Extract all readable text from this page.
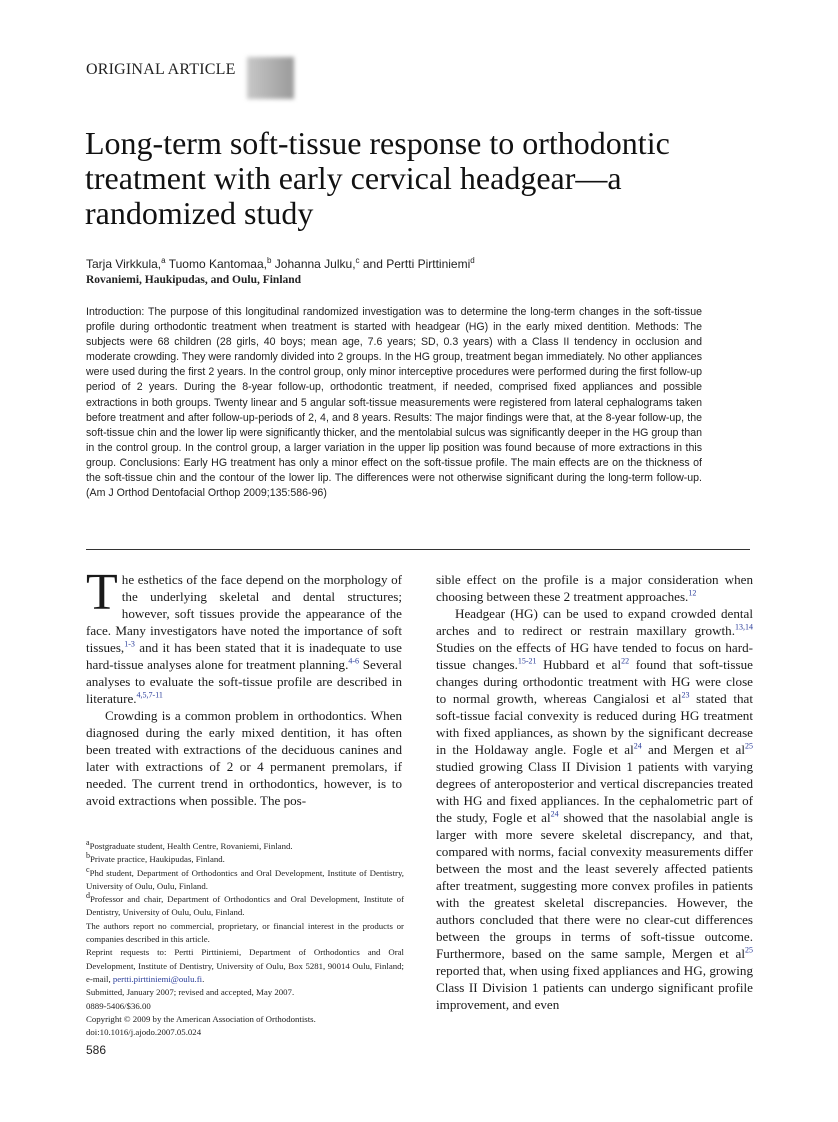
ORIGINAL ARTICLE
Long-term soft-tissue response to orthodontic treatment with early cervical headgear—a randomized study
Tarja Virkkula,$^a$ Tuomo Kantomaa,$^b$ Johanna Julku,$^c$ and Pertti Pirttiniemi$^d$
Rovaniemi, Haukipudas, and Oulu, Finland

Introduction: The purpose of this longitudinal randomized investigation was to determine the long-term changes in the soft-tissue profile during orthodontic treatment when treatment is started with headgear (HG) in the early mixed dentition. Methods: The subjects were 68 children (28 girls, 40 boys; mean age, 7.6 years; SD, 0.3 years) with a Class II tendency in occlusion and moderate crowding. They were randomly divided into 2 groups. In the HG group, treatment began immediately. No other appliances were used during the first 2 years. In the control group, only minor interceptive procedures were performed during the first follow-up period of 2 years. During the 8-year follow-up, orthodontic treatment, if needed, comprised fixed appliances and possible extractions in both groups. Twenty linear and 5 angular soft-tissue measurements were registered from lateral cephalograms taken before treatment and after follow-up-periods of 2, 4, and 8 years. Results: The major findings were that, at the 8-year follow-up, the soft-tissue chin and the lower lip were significantly thicker, and the mentolabial sulcus was significantly deeper in the HG group than in the control group. In the control group, a larger variation in the upper lip position was found because of more extractions in this group. Conclusions: Early HG treatment has only a minor effect on the soft-tissue profile. The main effects are on the thickness of the soft-tissue chin and the contour of the lower lip. The differences were not otherwise significant during the long-term follow-up. (Am J Orthod Dentofacial Orthop 2009;135:586-96)

The esthetics of the face depend on the morphology of the underlying skeletal and dental structures; however, soft tissues provide the appearance of the face. Many investigators have noted the importance of soft tissues,$^{1-3}$ and it has been stated that it is inadequate to use hard-tissue analyses alone for treatment planning.$^{4-6}$ Several analyses to evaluate the soft-tissue profile are described in literature.$^{4,5,7-11}$

Crowding is a common problem in orthodontics. When diagnosed during the early mixed dentition, it has often been treated with extractions of the deciduous canines and later with extractions of 2 or 4 permanent premolars, if needed. The current trend in orthodontics, however, is to avoid extractions when possible. The pos-

sible effect on the profile is a major consideration when choosing between these 2 treatment approaches.$^{12}$

Headgear (HG) can be used to expand crowded dental arches and to redirect or restrain maxillary growth.$^{13,14}$ Studies on the effects of HG have tended to focus on hard- tissue changes.$^{15-21}$ Hubbard et $al^{22}$ found that soft-tissue changes during orthodontic treatment with HG were close to normal growth, whereas Cangialosi et $al^{23}$ stated that soft-tissue facial convexity is reduced during HG treatment with fixed appliances, as shown by the significant decrease in the Holdaway angle. Fogle et $al^{24}$ and Mergen et $al^{25}$ studied growing Class II Division 1 patients with varying degrees of anteroposterior and vertical discrepancies treated with HG and fixed appliances. In the cephalometric part of the study, Fogle et $al^{24}$ showed that the nasolabial angle is larger with more severe skeletal discrepancy, and that, compared with norms, facial convexity measurements differ between the most and the least severely affected patients after treatment, suggesting more convex profiles in patients with the greatest skeletal discrepancies. However, the authors concluded that there were no clear-cut differences between the groups in terms of soft-tissue outcome. Furthermore, based on the same sample, Mergen et $al^{25}$ reported that, when using fixed appliances and HG, growing Class II Division 1 patients can undergo significant profile improvement, and even

$^a$Postgraduate student, Health Centre, Rovaniemi, Finland.

$^b$Private practice, Haukipudas, Finland.

$^c$Phd student, Department of Orthodontics and Oral Development, Institute of Dentistry, University of Oulu, Oulu, Finland.

$^d$Professor and chair, Department of Orthodontics and Oral Development, Institute of Dentistry, University of Oulu, Oulu, Finland.

The authors report no commercial, proprietary, or financial interest in the products or companies described in this article.

Reprint requests to: Pertti Pirttiniemi, Department of Orthodontics and Oral Development, Institute of Dentistry, University of Oulu, Box 5281, 90014 Oulu, Finland; e-mail, pertti.pirttiniemi@oulu.fi.

Submitted, January 2007; revised and accepted, May 2007.

0889-5406/$36.00

Copyright © 2009 by the American Association of Orthodontists.

doi:10.1016/j.ajodo.2007.05.024

586
